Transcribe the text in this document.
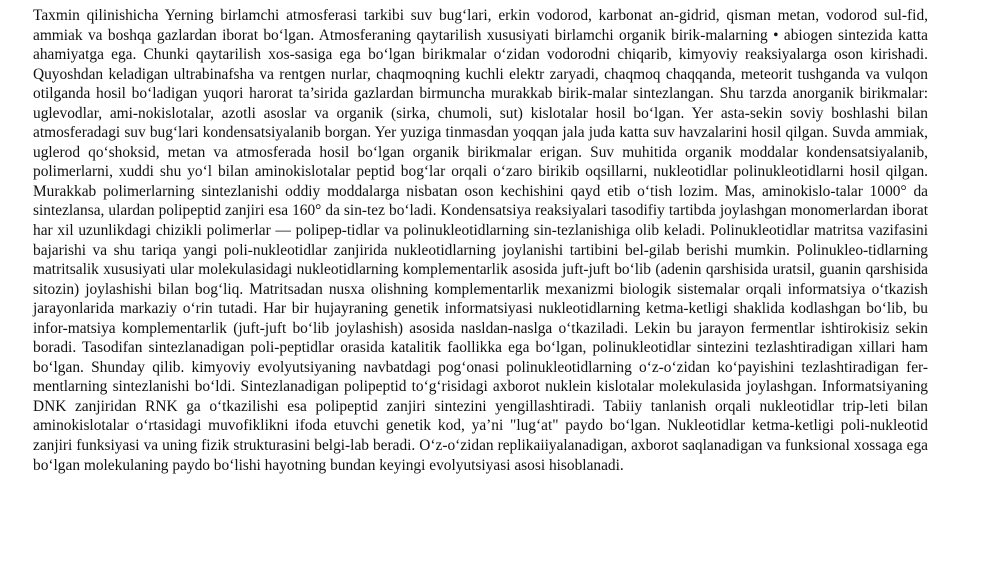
Taxmin qilinishicha Yerning birlamchi atmosferasi tarkibi suv bug‘lari, erkin vodorod, karbonat an-gidrid, qisman metan, vodorod sul-fid, ammiak va boshqa gazlardan iborat bo‘lgan. Atmosferaning qaytarilish xususiyati birlamchi organik birik-malarning • abiogen sintezida katta ahamiyatga ega. Chunki qaytarilish xos-sasiga ega bo‘lgan birikmalar o‘zidan vodorodni chiqarib, kimyoviy reaksiyalarga oson kirishadi. Quyoshdan keladigan ultrabinafsha va rentgen nurlar, chaqmoqning kuchli elektr zaryadi, chaqmoq chaqqanda, meteorit tushganda va vulqon otilganda hosil bo‘ladigan yuqori harorat ta’sirida gazlardan birmuncha murakkab birik-malar sintezlangan. Shu tarzda anorganik birikmalar: uglevodlar, ami-nokislotalar, azotli asoslar va organik (sirka, chumoli, sut) kislotalar hosil bo‘lgan. Yer asta-sekin soviy boshlashi bilan atmosferadagi suv bug‘lari kondensatsiyalanib borgan. Yer yuziga tinmasdan yoqqan jala juda katta suv havzalarini hosil qilgan. Suvda ammiak, uglerod qo‘shoksid, metan va atmosferada hosil bo‘lgan organik birikmalar erigan. Suv muhitida organik moddalar kondensatsiyalanib, polimerlarni, xuddi shu yo‘l bilan aminokislotalar peptid bog‘lar orqali o‘zaro birikib oqsillarni, nukleotidlar polinukleotidlarni hosil qilgan. Murakkab polimerlarning sintezlanishi oddiy moddalarga nisbatan oson kechishini qayd etib o‘tish lozim. Mas, aminokislo-talar 1000° da sintezlansa, ulardan polipeptid zanjiri esa 160° da sin-tez bo‘ladi. Kondensatsiya reaksiyalari tasodifiy tartibda joylashgan monomerlardan iborat har xil uzunlikdagi chizikli polimerlar — polipep-tidlar va polinukleotidlarning sin-tezlanishiga olib keladi. Polinukleotidlar matritsa vazifasini bajarishi va shu tariqa yangi poli-nukleotidlar zanjirida nukleotidlarning joylanishi tartibini bel-gilab berishi mumkin. Polinukleo-tidlarning matritsalik xususiyati ular molekulasidagi nukleotidlarning komplementarlik asosida juft-juft bo‘lib (adenin qarshisida uratsil, guanin qarshisida sitozin) joylashishi bilan bog‘liq. Matritsadan nusxa olishning komplementarlik mexanizmi biologik sistemalar orqali informatsiya o‘tkazish jarayonlarida markaziy o‘rin tutadi. Har bir hujayraning genetik informatsiyasi nukleotidlarning ketma-ketligi shaklida kodlashgan bo‘lib, bu infor-matsiya komplementarlik (juft-juft bo‘lib joylashish) asosida nasldan-naslga o‘tkaziladi. Lekin bu jarayon fermentlar ishtirokisiz sekin boradi. Tasodifan sintezlanadigan poli-peptidlar orasida katalitik faollikka ega bo‘lgan, polinukleotidlar sintezini tezlashtiradigan xillari ham bo‘lgan. Shunday qilib. kimyoviy evolyutsiyaning navbatdagi pog‘onasi polinukleotidlarning o‘z-o‘zidan ko‘payishini tezlashtiradigan fer-mentlarning sintezlanishi bo‘ldi. Sintezlanadigan polipeptid to‘g‘risidagi axborot nuklein kislotalar molekulasida joylashgan. Informatsiyaning DNK zanjiridan RNK ga o‘tkazilishi esa polipeptid zanjiri sintezini yengillashtiradi. Tabiiy tanlanish orqali nukleotidlar trip-leti bilan aminokislotalar o‘rtasidagi muvofiklikni ifoda etuvchi genetik kod, ya’ni "lug‘at" paydo bo‘lgan. Nukleotidlar ketma-ketligi poli-nukleotid zanjiri funksiyasi va uning fizik strukturasini belgi-lab beradi. O‘z-o‘zidan replikaiiyalanadigan, axborot saqlanadigan va funksional xossaga ega bo‘lgan molekulaning paydo bo‘lishi hayotning bundan keyingi evolyutsiyasi asosi hisoblanadi.
